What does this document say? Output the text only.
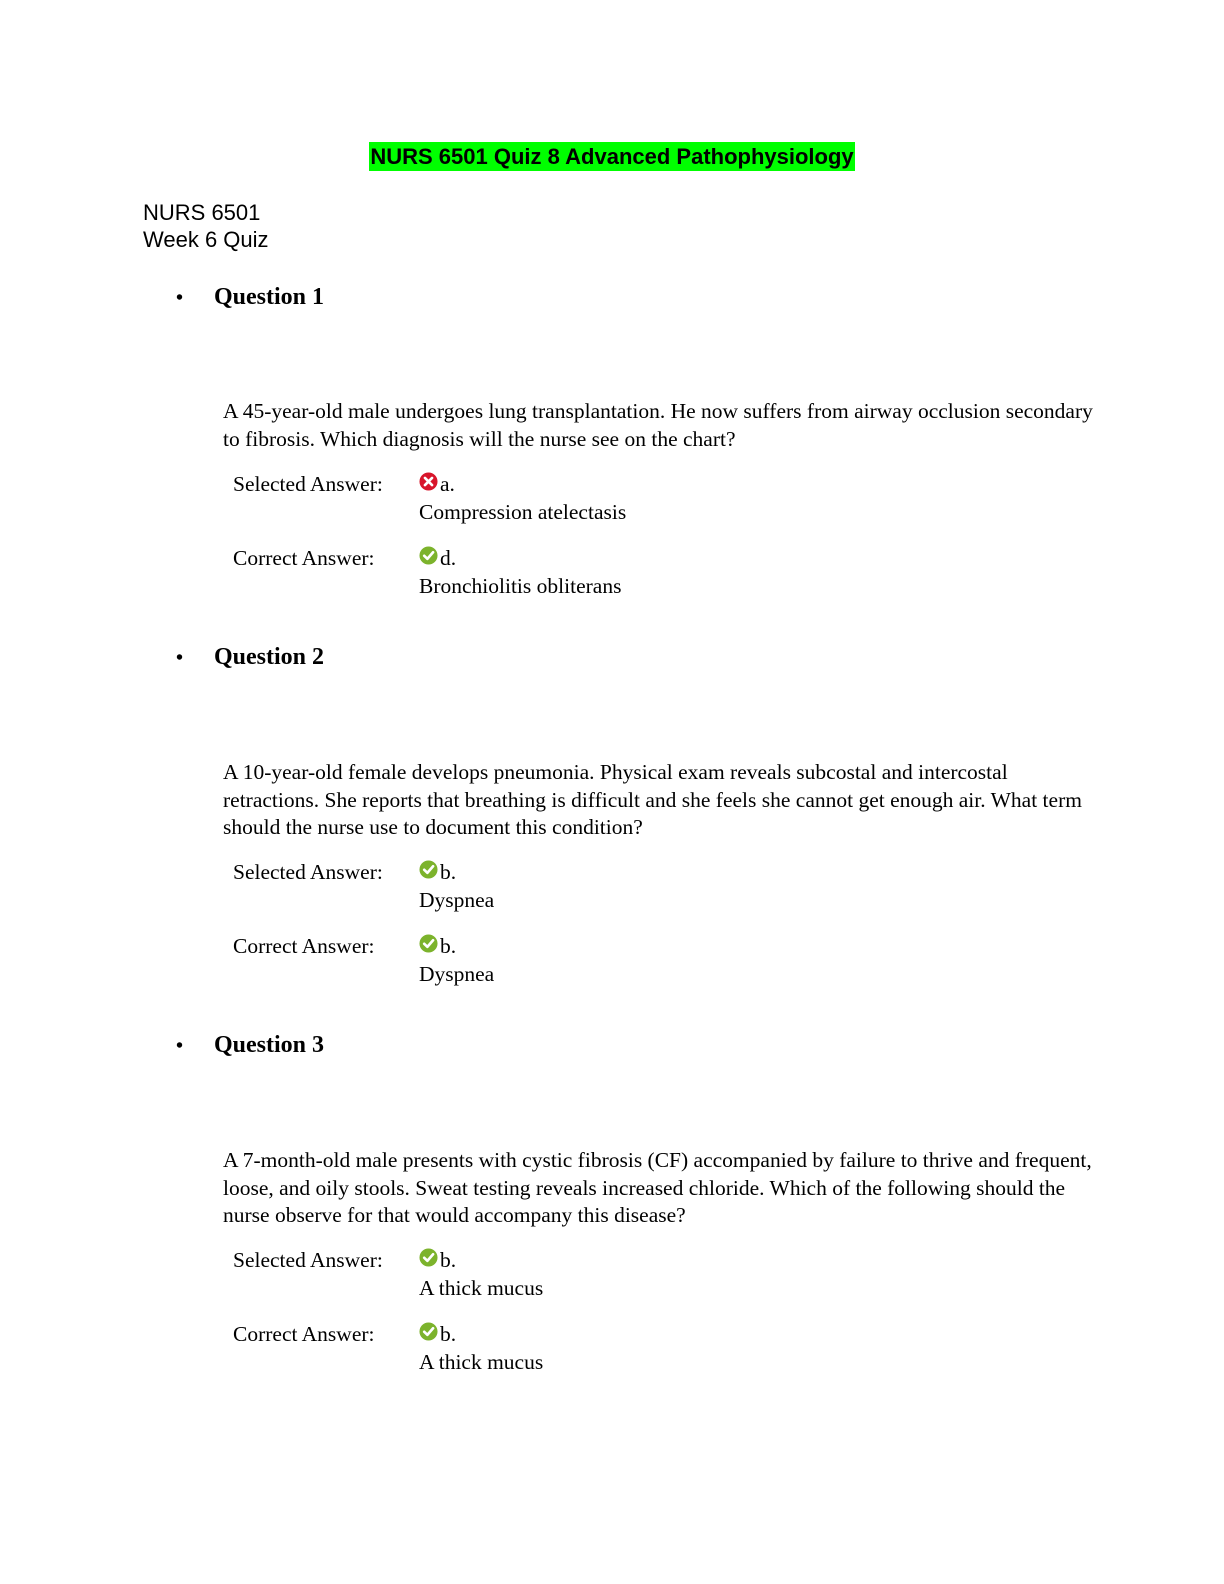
NURS 6501 Quiz 8 Advanced Pathophysiology
NURS 6501
Week 6 Quiz
• Question 1
A 45-year-old male undergoes lung transplantation. He now suffers from airway occlusion secondary to fibrosis. Which diagnosis will the nurse see on the chart?
Selected Answer:	a.
Compression atelectasis
Correct Answer:	d.
Bronchiolitis obliterans
• Question 2
A 10-year-old female develops pneumonia. Physical exam reveals subcostal and intercostal retractions. She reports that breathing is difficult and she feels she cannot get enough air. What term should the nurse use to document this condition?
Selected Answer:	b.
Dyspnea
Correct Answer:	b.
Dyspnea
• Question 3
A 7-month-old male presents with cystic fibrosis (CF) accompanied by failure to thrive and frequent, loose, and oily stools. Sweat testing reveals increased chloride. Which of the following should the nurse observe for that would accompany this disease?
Selected Answer:	b.
A thick mucus
Correct Answer:	b.
A thick mucus
